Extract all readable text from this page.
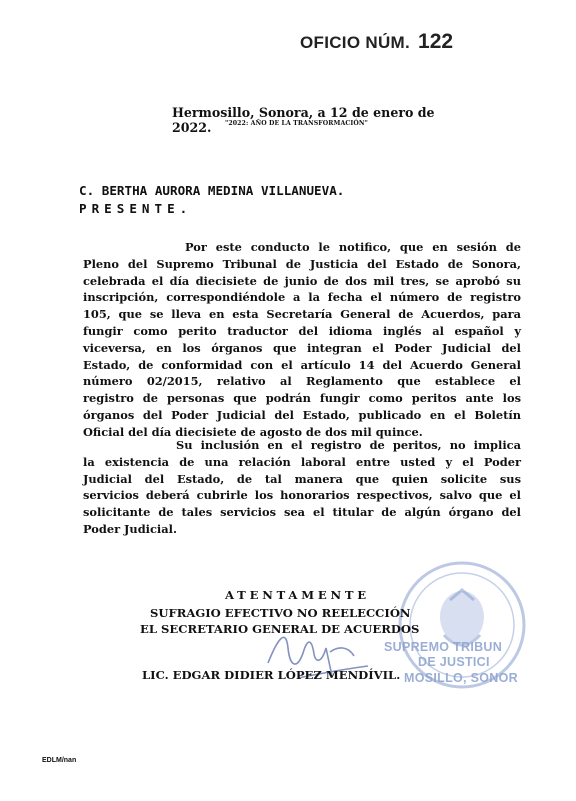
OFICIO NÚM. 122
Hermosillo, Sonora, a 12 de enero de 2022.	"2022: AÑO DE LA TRANSFORMACIÓN"
C. BERTHA AURORA MEDINA VILLANUEVA.
PRESENTE.
Por este conducto le notifico, que en sesión de
Pleno del Supremo Tribunal de Justicia del Estado de Sonora,
celebrada el día diecisiete de junio de dos mil tres, se aprobó su
inscripción, correspondiéndole a la fecha el número de registro
105, que se lleva en esta Secretaría General de Acuerdos, para
fungir como perito traductor del idioma inglés al español y
viceversa, en los órganos que integran el Poder Judicial del
Estado, de conformidad con el artículo 14 del Acuerdo General
número 02/2015, relativo al Reglamento que establece el
registro de personas que podrán fungir como peritos ante los
órganos del Poder Judicial del Estado, publicado en el Boletín
Oficial del día diecisiete de agosto de dos mil quince.
Su inclusión en el registro de peritos, no implica
la existencia de una relación laboral entre usted y el Poder
Judicial del Estado, de tal manera que quien solicite sus
servicios deberá cubrirle los honorarios respectivos, salvo que el
solicitante de tales servicios sea el titular de algún órgano del
Poder Judicial.
SUPREMO TRIBUN
DE JUSTICI
MOSILLO, SONOR
ATENTAMENTE
SUFRAGIO EFECTIVO NO REELECCIÓN
EL SECRETARIO GENERAL DE ACUERDOS
LIC. EDGAR DIDIER LÓPEZ MENDÍVIL.
EDLM/nan
